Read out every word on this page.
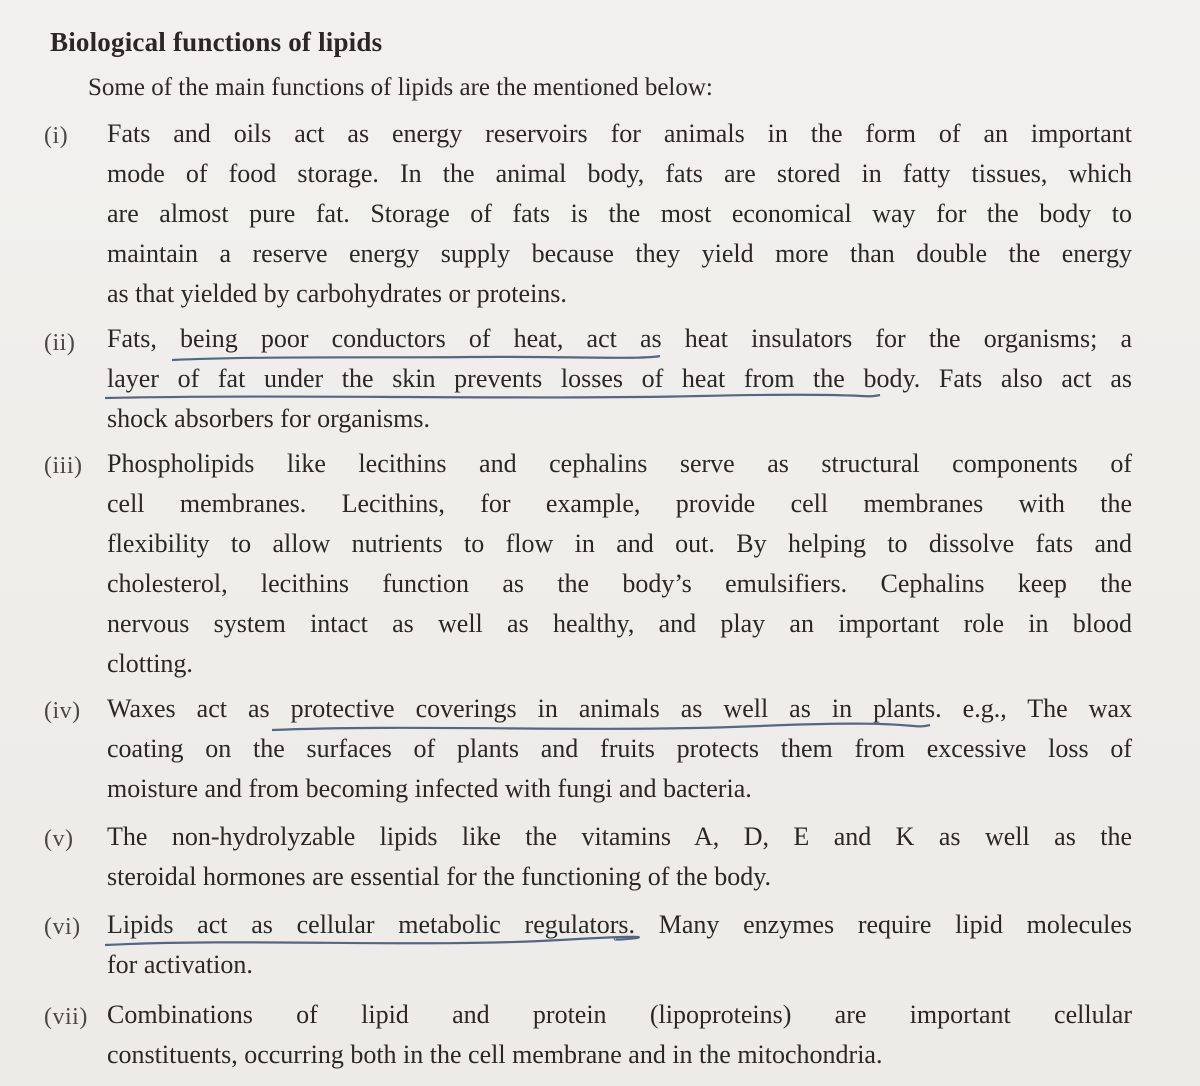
Biological functions of lipids
Some of the main functions of lipids are the mentioned below:
(i) Fats and oils act as energy reservoirs for animals in the form of an important
mode of food storage. In the animal body, fats are stored in fatty tissues, which
are almost pure fat. Storage of fats is the most economical way for the body to
maintain a reserve energy supply because they yield more than double the energy
as that yielded by carbohydrates or proteins.
(ii) Fats, being poor conductors of heat, act as heat insulators for the organisms; a
layer of fat under the skin prevents losses of heat from the body. Fats also act as
shock absorbers for organisms.
(iii) Phospholipids like lecithins and cephalins serve as structural components of
cell membranes. Lecithins, for example, provide cell membranes with the
flexibility to allow nutrients to flow in and out. By helping to dissolve fats and
cholesterol, lecithins function as the body’s emulsifiers. Cephalins keep the
nervous system intact as well as healthy, and play an important role in blood
clotting.
(iv) Waxes act as protective coverings in animals as well as in plants. e.g., The wax
coating on the surfaces of plants and fruits protects them from excessive loss of
moisture and from becoming infected with fungi and bacteria.
(v) The non-hydrolyzable lipids like the vitamins A, D, E and K as well as the
steroidal hormones are essential for the functioning of the body.
(vi) Lipids act as cellular metabolic regulators. Many enzymes require lipid molecules
for activation.
(vii) Combinations of lipid and protein (lipoproteins) are important cellular
constituents, occurring both in the cell membrane and in the mitochondria.
